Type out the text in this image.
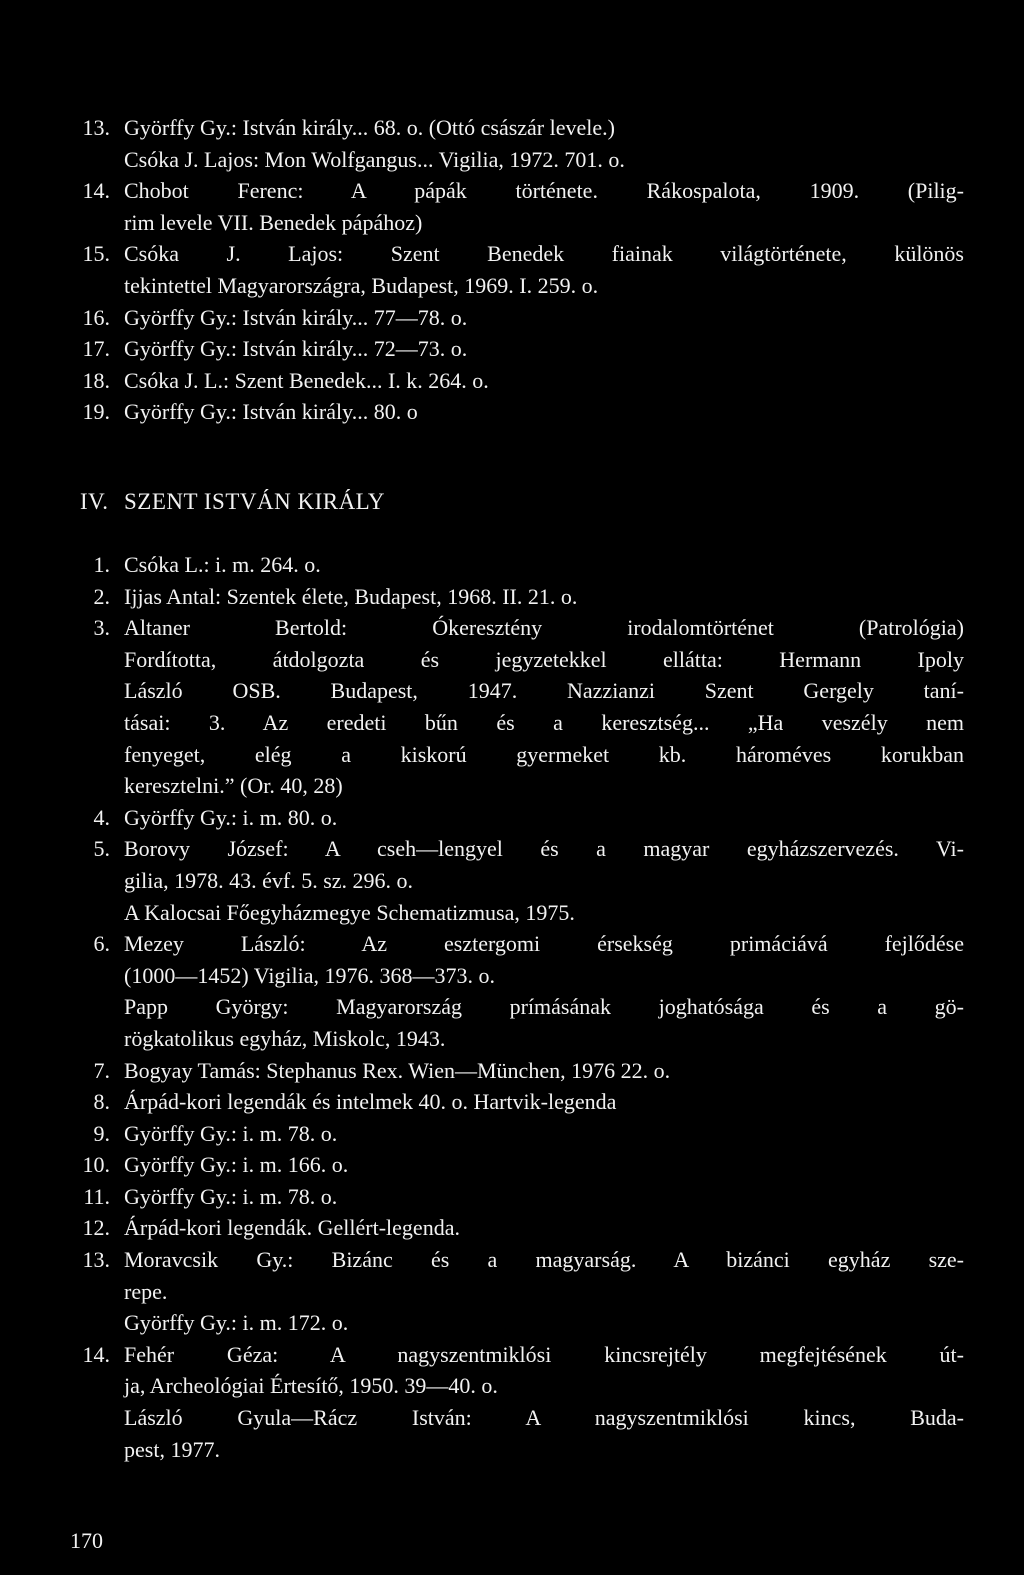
13. Györffy Gy.: István király... 68. o. (Ottó császár levele.)
Csóka J. Lajos: Mon Wolfgangus... Vigilia, 1972. 701. o.
14. Chobot Ferenc: A pápák története. Rákospalota, 1909. (Pilig-
rim levele VII. Benedek pápához)
15. Csóka J. Lajos: Szent Benedek fiainak világtörténete, különös
tekintettel Magyarországra, Budapest, 1969. I. 259. o.
16. Györffy Gy.: István király... 77—78. o.
17. Györffy Gy.: István király... 72—73. o.
18. Csóka J. L.: Szent Benedek... I. k. 264. o.
19. Györffy Gy.: István király... 80. o
IV. SZENT ISTVÁN KIRÁLY
1. Csóka L.: i. m. 264. o.
2. Ijjas Antal: Szentek élete, Budapest, 1968. II. 21. o.
3. Altaner Bertold: Ókeresztény irodalomtörténet (Patrológia)
Fordította, átdolgozta és jegyzetekkel ellátta: Hermann Ipoly
László OSB. Budapest, 1947. Nazzianzi Szent Gergely taní-
tásai: 3. Az eredeti bűn és a keresztség... „Ha veszély nem
fenyeget, elég a kiskorú gyermeket kb. hároméves korukban
keresztelni.” (Or. 40, 28)
4. Györffy Gy.: i. m. 80. o.
5. Borovy József: A cseh—lengyel és a magyar egyházszervezés. Vi-
gilia, 1978. 43. évf. 5. sz. 296. o.
A Kalocsai Főegyházmegye Schematizmusa, 1975.
6. Mezey László: Az esztergomi érsekség primáciává fejlődése
(1000—1452) Vigilia, 1976. 368—373. o.
Papp György: Magyarország prímásának joghatósága és a gö-
rögkatolikus egyház, Miskolc, 1943.
7. Bogyay Tamás: Stephanus Rex. Wien—München, 1976 22. o.
8. Árpád-kori legendák és intelmek 40. o. Hartvik-legenda
9. Györffy Gy.: i. m. 78. o.
10. Györffy Gy.: i. m. 166. o.
11. Györffy Gy.: i. m. 78. o.
12. Árpád-kori legendák. Gellért-legenda.
13. Moravcsik Gy.: Bizánc és a magyarság. A bizánci egyház sze-
repe.
Györffy Gy.: i. m. 172. o.
14. Fehér Géza: A nagyszentmiklósi kincsrejtély megfejtésének út-
ja, Archeológiai Értesítő, 1950. 39—40. o.
László Gyula—Rácz István: A nagyszentmiklósi kincs, Buda-
pest, 1977.
170
